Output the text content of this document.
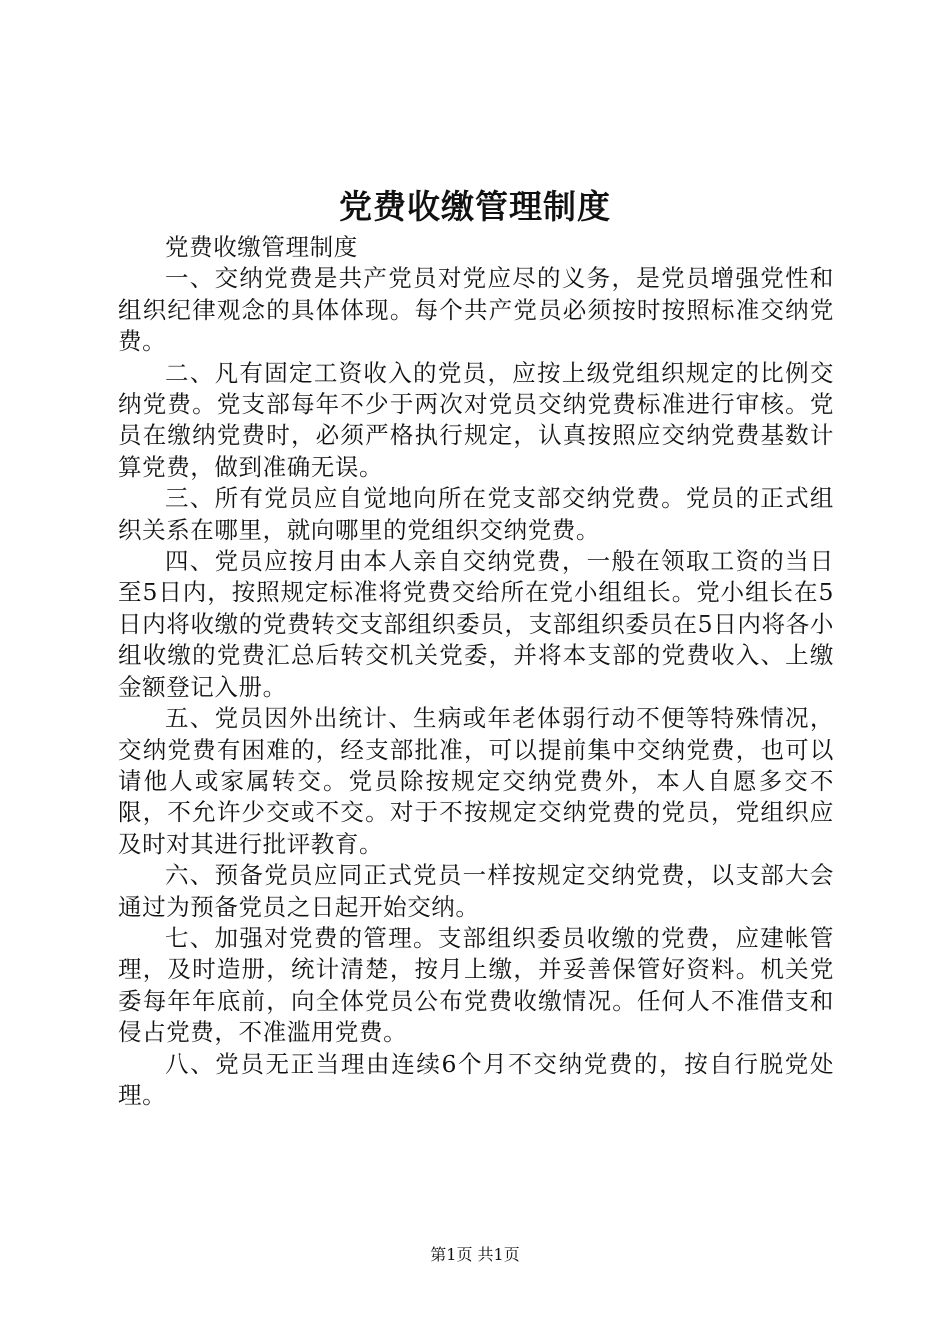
党费收缴管理制度

党费收缴管理制度

一、交纳党费是共产党员对党应尽的义务，是党员增强党性和组织纪律观念的具体体现。每个共产党员必须按时按照标准交纳党费。

二、凡有固定工资收入的党员，应按上级党组织规定的比例交纳党费。党支部每年不少于两次对党员交纳党费标准进行审核。党员在缴纳党费时，必须严格执行规定，认真按照应交纳党费基数计算党费，做到准确无误。

三、所有党员应自觉地向所在党支部交纳党费。党员的正式组织关系在哪里，就向哪里的党组织交纳党费。

四、党员应按月由本人亲自交纳党费，一般在领取工资的当日至5日内，按照规定标准将党费交给所在党小组组长。党小组长在5日内将收缴的党费转交支部组织委员，支部组织委员在5日内将各小组收缴的党费汇总后转交机关党委，并将本支部的党费收入、上缴金额登记入册。

五、党员因外出统计、生病或年老体弱行动不便等特殊情况，交纳党费有困难的，经支部批准，可以提前集中交纳党费，也可以请他人或家属转交。党员除按规定交纳党费外，本人自愿多交不限，不允许少交或不交。对于不按规定交纳党费的党员，党组织应及时对其进行批评教育。

六、预备党员应同正式党员一样按规定交纳党费，以支部大会通过为预备党员之日起开始交纳。

七、加强对党费的管理。支部组织委员收缴的党费，应建帐管理，及时造册，统计清楚，按月上缴，并妥善保管好资料。机关党委每年年底前，向全体党员公布党费收缴情况。任何人不准借支和侵占党费，不准滥用党费。

八、党员无正当理由连续6个月不交纳党费的，按自行脱党处理。

第1页 共1页
